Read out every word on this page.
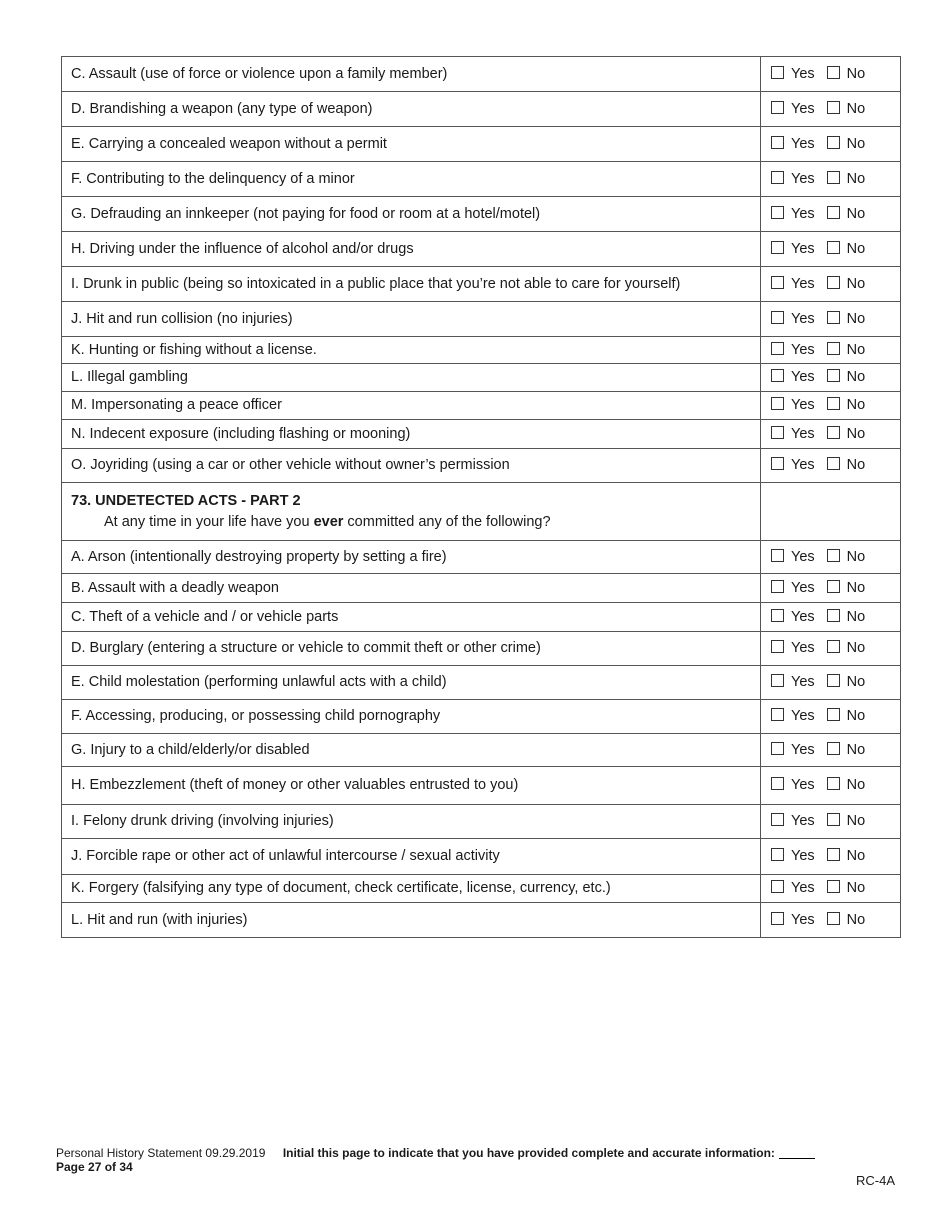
C. Assault (use of force or violence upon a family member)	Yes No
D. Brandishing a weapon (any type of weapon)	Yes No
E. Carrying a concealed weapon without a permit	Yes No
F. Contributing to the delinquency of a minor	Yes No
G. Defrauding an innkeeper (not paying for food or room at a hotel/motel)	Yes No
H. Driving under the influence of alcohol and/or drugs	Yes No
I. Drunk in public (being so intoxicated in a public place that you’re not able to care for yourself)	Yes No
J. Hit and run collision (no injuries)	Yes No
K. Hunting or fishing without a license.	Yes No
L. Illegal gambling	Yes No
M. Impersonating a peace officer	Yes No
N. Indecent exposure (including flashing or mooning)	Yes No
O. Joyriding (using a car or other vehicle without owner’s permission	Yes No

73. UNDETECTED ACTS - PART 2
At any time in your life have you ever committed any of the following?	

A. Arson (intentionally destroying property by setting a fire)	Yes No
B. Assault with a deadly weapon	Yes No
C. Theft of a vehicle and / or vehicle parts	Yes No
D. Burglary (entering a structure or vehicle to commit theft or other crime)	Yes No
E. Child molestation (performing unlawful acts with a child)	Yes No
F. Accessing, producing, or possessing child pornography	Yes No
G. Injury to a child/elderly/or disabled	Yes No
H. Embezzlement (theft of money or other valuables entrusted to you)	Yes No
I. Felony drunk driving (involving injuries)	Yes No
J. Forcible rape or other act of unlawful intercourse / sexual activity	Yes No
K. Forgery (falsifying any type of document, check certificate, license, currency, etc.)	Yes No
L. Hit and run (with injuries)	Yes No
Personal History Statement 09.29.2019 Initial this page to indicate that you have provided complete and accurate information:
Page 27 of 34
RC-4A
